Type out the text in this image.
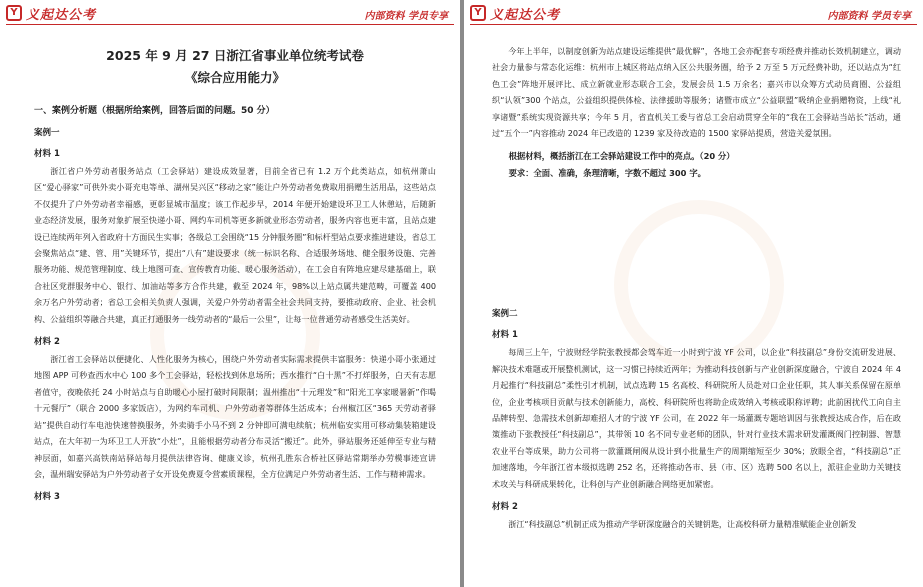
Y 义起达公考	内部资料 学员专享
2025 年 9 月 27 日浙江省事业单位统考试卷
《综合应用能力》
一、案例分析题（根据所给案例，回答后面的问题。50 分）
案例一
材料 1

浙江省户外劳动者服务站点（工会驿站）建设成效显著，目前全省已有 1.2 万个此类站点，如杭州萧山区“爱心驿家”可供外卖小哥充电等单、湖州吴兴区“移动之家”能让户外劳动者免费取用捐赠生活用品，这些站点不仅提升了户外劳动者幸福感，更彰显城市温度；该工作起步早，2014 年便开始建设环卫工人休憩站，后随新业态经济发展，服务对象扩展至快递小哥、网约车司机等更多新就业形态劳动者，服务内容也更丰富，且站点建设已连续两年列入省政府十方面民生实事；各级总工会围绕“15 分钟服务圈”和标杆型站点要求推进建设，省总工会聚焦站点“建、管、用”关键环节，提出“八有”建设要求（统一标识名称、合适服务场地、健全服务设施、完善服务功能、规范管理制度、线上地图可查、宣传教育功能、暖心服务活动），在工会自有阵地应建尽建基础上，联合社区党群服务中心、银行、加油站等多方合作共建，截至 2024 年，98%以上站点属共建范畴，可覆盖 400 余万名户外劳动者；省总工会相关负责人强调，关爱户外劳动者需全社会共同支持，要推动政府、企业、社会机构、公益组织等融合共建，真正打通服务一线劳动者的“最后一公里”，让每一位普通劳动者感受生活美好。

材料 2

浙江省工会驿站以便捷化、人性化服务为核心，围绕户外劳动者实际需求提供丰富服务：快递小哥小张通过地图 APP 可秒查西水中心 100 多个工会驿站，轻松找到休息场所；西水推行“白十黑”不打烊服务，白天有志愿者值守，夜晚依托 24 小时站点与自助暖心小屋打破时间限制；温州推出“十元理发”和“阳光工享家暖暑新”作喝十元餐厅”（联合 2000 多家饭店），为网约车司机、户外劳动者等群体生活成本；台州椒江区“365 天劳动者驿站”提供自动行车电池快速替换服务，外卖骑手小马不到 2 分钟即可满电续航；杭州临安实用可移动集装箱建设站点，在大年初一为环卫工人开放“小灶”，且能根据劳动者分布灵活“搬迁”。此外，驿站服务还延伸至专业与精神层面，如嘉兴高铁南站驿站每月提供法律咨询、健康义诊，杭州孔胜东合桥社区驿站常期举办劳模事迹宣讲会，温州瑞安驿站为户外劳动者子女开设免费夏令营素质课程，全方位满足户外劳动者生活、工作与精神需求。

材料 3
Y 义起达公考	内部资料 学员专享

今年上半年，以制度创新为站点建设运维提供“最优解”，各地工会亦配套专项经费并推动长效机制建立，调动社会力量参与常态化运维：杭州市上城区将站点纳入区公共服务圈，给予 2 万至 5 万元经费补助，还以站点为“红色工会”阵地开展评比、成立新就业形态联合工会，发展会员 1.5 万余名；嘉兴市以众筹方式动员商圈、公益组织“认领”300 个站点，公益组织提供体检、法律援助等服务；诸暨市成立“公益联盟”吸纳企业捐赠物资，上线“礼享诸暨”系统实现资源共享；今年 5 月，省直机关工委与省总工会启动贯穿全年的“我在工会驿站当站长”活动，通过“五个一”内容推动 2024 年已改造的 1239 家及待改造的 1500 家驿站提质，营造关爱氛围。

根据材料，概括浙江在工会驿站建设工作中的亮点。（20 分）
要求：全面、准确，条理清晰，字数不超过 300 字。
案例二
材料 1

每周三上午，宁波财经学院张教授都会驾车近一小时到宁波 YF 公司，以企业“科技副总”身份交流研发进展、解决技术难题或开展整机测试，这一习惯已持续近两年；为推动科技创新与产业创新深度融合，宁波自 2024 年 4 月起推行“科技副总”柔性引才机制，试点选聘 15 名高校、科研院所人员赴对口企业任职，其人事关系保留在原单位，企业考核项目贡献与技术创新能力，高校、科研院所也将助企成效纳入考核或职称评聘；此前困扰代工向自主品牌转型、急需技术创新却难招人才的宁波 YF 公司，在 2022 年一场灌溉专题培训因与张教授达成合作，后在政策推动下张教授任“科技副总”，其带领 10 名不同专业老师的团队，针对行业技术需求研发灌溉阀门控制器、智慧农业平台等成果，助力公司将一款灌溉闸阀从设计到小批量生产的周期缩短至少 30%；放眼全省，“科技副总”正加速落地，今年浙江省本级拟选聘 252 名，还将推动各市、县（市、区）选聘 500 名以上，派驻企业助力关键技术攻关与科研成果转化，让科创与产业创新融合网络更加紧密。

材料 2

浙江“科技副总”机制正成为推动产学研深度融合的关键钥匙，让高校科研力量精准赋能企业创新发
